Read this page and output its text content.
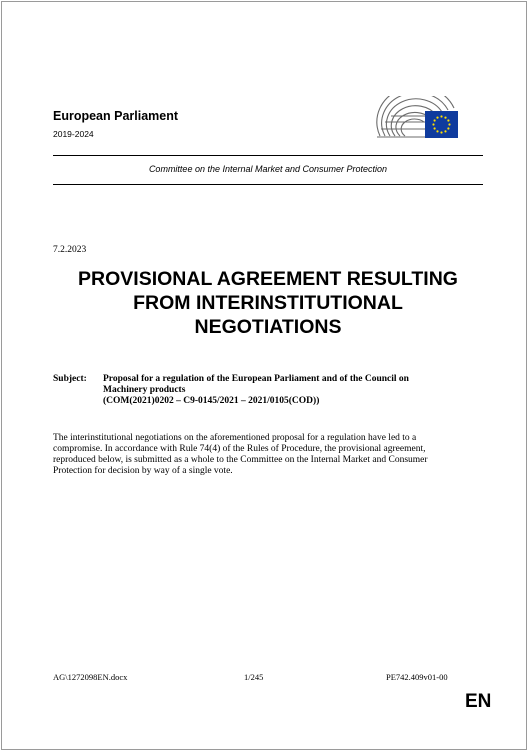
European Parliament
2019-2024
Committee on the Internal Market and Consumer Protection
7.2.2023
PROVISIONAL AGREEMENT RESULTING
FROM INTERINSTITUTIONAL
NEGOTIATIONS
Subject: Proposal for a regulation of the European Parliament and of the Council on
Machinery products
(COM(2021)0202 – C9-0145/2021 – 2021/0105(COD))
The interinstitutional negotiations on the aforementioned proposal for a regulation have led to a
compromise. In accordance with Rule 74(4) of the Rules of Procedure, the provisional agreement,
reproduced below, is submitted as a whole to the Committee on the Internal Market and Consumer
Protection for decision by way of a single vote.
AG\1272098EN.docx	1/245	PE742.409v01-00
EN
